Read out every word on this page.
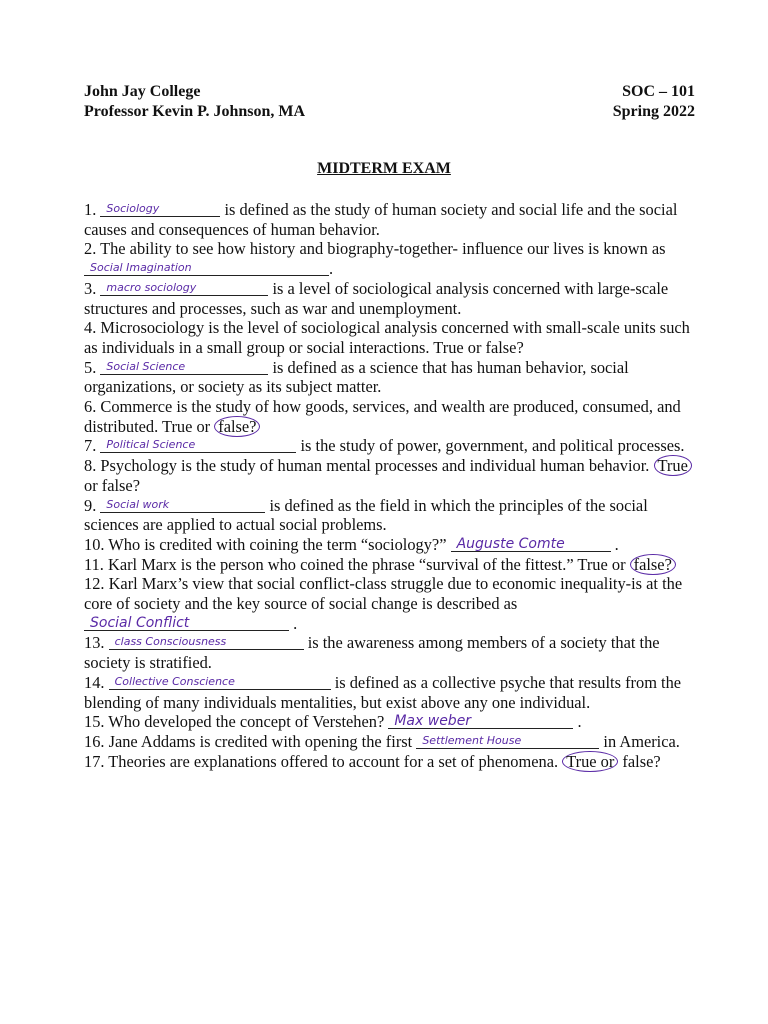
John Jay College
Professor Kevin P. Johnson, MA
SOC – 101
Spring 2022
MIDTERM EXAM

1. Sociology	is defined as the study of human society and social life and the social causes and consequences of human behavior.

2. The ability to see how history and biography-together- influence our lives is known as
Social Imagination	.

3. macro sociology	is a level of sociological analysis concerned with large-scale structures and processes, such as war and unemployment.

4. Microsociology is the level of sociological analysis concerned with small-scale units such as individuals in a small group or social interactions. True or false?

5. Social Science	is defined as a science that has human behavior, social organizations, or society as its subject matter.

6. Commerce is the study of how goods, services, and wealth are produced, consumed, and distributed. True or false?

7. Political Science	is the study of power, government, and political processes.

8. Psychology is the study of human mental processes and individual human behavior. True or false?

9. Social work	is defined as the field in which the principles of the social sciences are applied to actual social problems.

10. Who is credited with coining the term “sociology?” Auguste Comte	.

11. Karl Marx is the person who coined the phrase “survival of the fittest.” True or false?

12. Karl Marx’s view that social conflict-class struggle due to economic inequality-is at the core of society and the key source of social change is described as
Social Conflict	.

13. class Consciousness	is the awareness among members of a society that the society is stratified.

14. Collective Conscience	is defined as a collective psyche that results from the blending of many individuals mentalities, but exist above any one individual.

15. Who developed the concept of Verstehen? Max weber	.

16. Jane Addams is credited with opening the first Settlement House	in America.

17. Theories are explanations offered to account for a set of phenomena. True or false?
